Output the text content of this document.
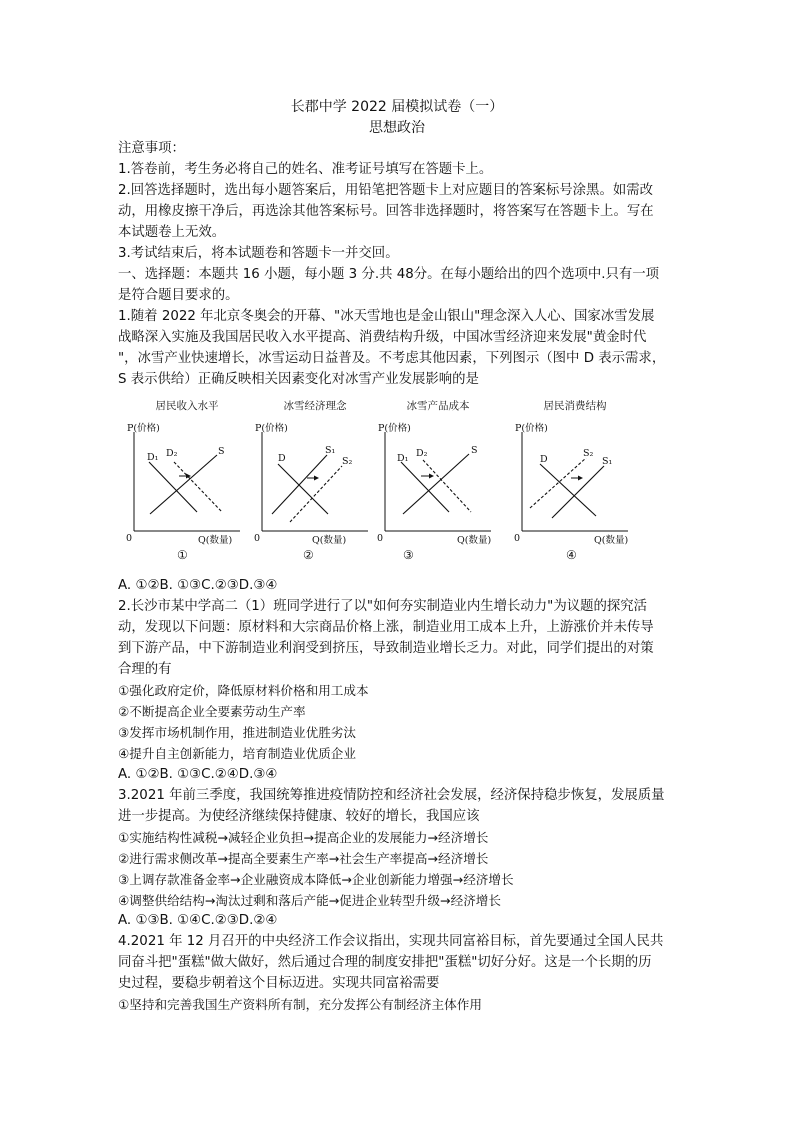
长郡中学 2022 届模拟试卷（一）
思想政治
注意事项：
1.答卷前，考生务必将自己的姓名、准考证号填写在答题卡上。
2.回答选择题时，选出每小题答案后，用铅笔把答题卡上对应题目的答案标号涂黑。如需改
动，用橡皮擦干净后，再选涂其他答案标号。回答非选择题时，将答案写在答题卡上。写在
本试题卷上无效。
3.考试结束后，将本试题卷和答题卡一并交回。
一、选择题：本题共 16 小题，每小题 3 分.共 48分。在每小题给出的四个选项中.只有一项
是符合题目要求的。
1.随着 2022 年北京冬奥会的开幕、"冰天雪地也是金山银山"理念深入人心、国家冰雪发展
战略深入实施及我国居民收入水平提高、消费结构升级，中国冰雪经济迎来发展"黄金时代
"，冰雪产业快速增长，冰雪运动日益普及。不考虑其他因素，下列图示（图中 D 表示需求，
S 表示供给）正确反映相关因素变化对冰雪产业发展影响的是
居民收入水平
P(价格)
0	Q(数量)
D₁ D₂	S
①
冰雪经济理念
P(价格)
0	Q(数量)
D
S₁
S₂
②
冰雪产品成本
P(价格)
0	Q(数量)
D₁ D₂	S
③
居民消费结构
P(价格)
0	Q(数量)
D
S₂
S₁
④
A. ①②B. ①③C.②③D.③④
2.长沙市某中学高二（1）班同学进行了以"如何夯实制造业内生增长动力"为议题的探究活
动，发现以下问题：原材料和大宗商品价格上涨，制造业用工成本上升，上游涨价并未传导
到下游产品，中下游制造业利润受到挤压，导致制造业增长乏力。对此，同学们提出的对策
合理的有
①强化政府定价，降低原材料价格和用工成本
②不断提高企业全要素劳动生产率
③发挥市场机制作用，推进制造业优胜劣汰
④提升自主创新能力，培育制造业优质企业
A. ①②B. ①③C.②④D.③④
3.2021 年前三季度，我国统筹推进疫情防控和经济社会发展，经济保持稳步恢复，发展质量
进一步提高。为使经济继续保持健康、较好的增长，我国应该
①实施结构性减税→减轻企业负担→提高企业的发展能力→经济增长
②进行需求侧改革→提高全要素生产率→社会生产率提高→经济增长
③上调存款准备金率→企业融资成本降低→企业创新能力增强→经济增长
④调整供给结构→淘汰过剩和落后产能→促进企业转型升级→经济增长
A. ①③B. ①④C.②③D.②④
4.2021 年 12 月召开的中央经济工作会议指出，实现共同富裕目标，首先要通过全国人民共
同奋斗把"蛋糕"做大做好，然后通过合理的制度安排把"蛋糕"切好分好。这是一个长期的历
史过程，要稳步朝着这个目标迈进。实现共同富裕需要
①坚持和完善我国生产资料所有制，充分发挥公有制经济主体作用
